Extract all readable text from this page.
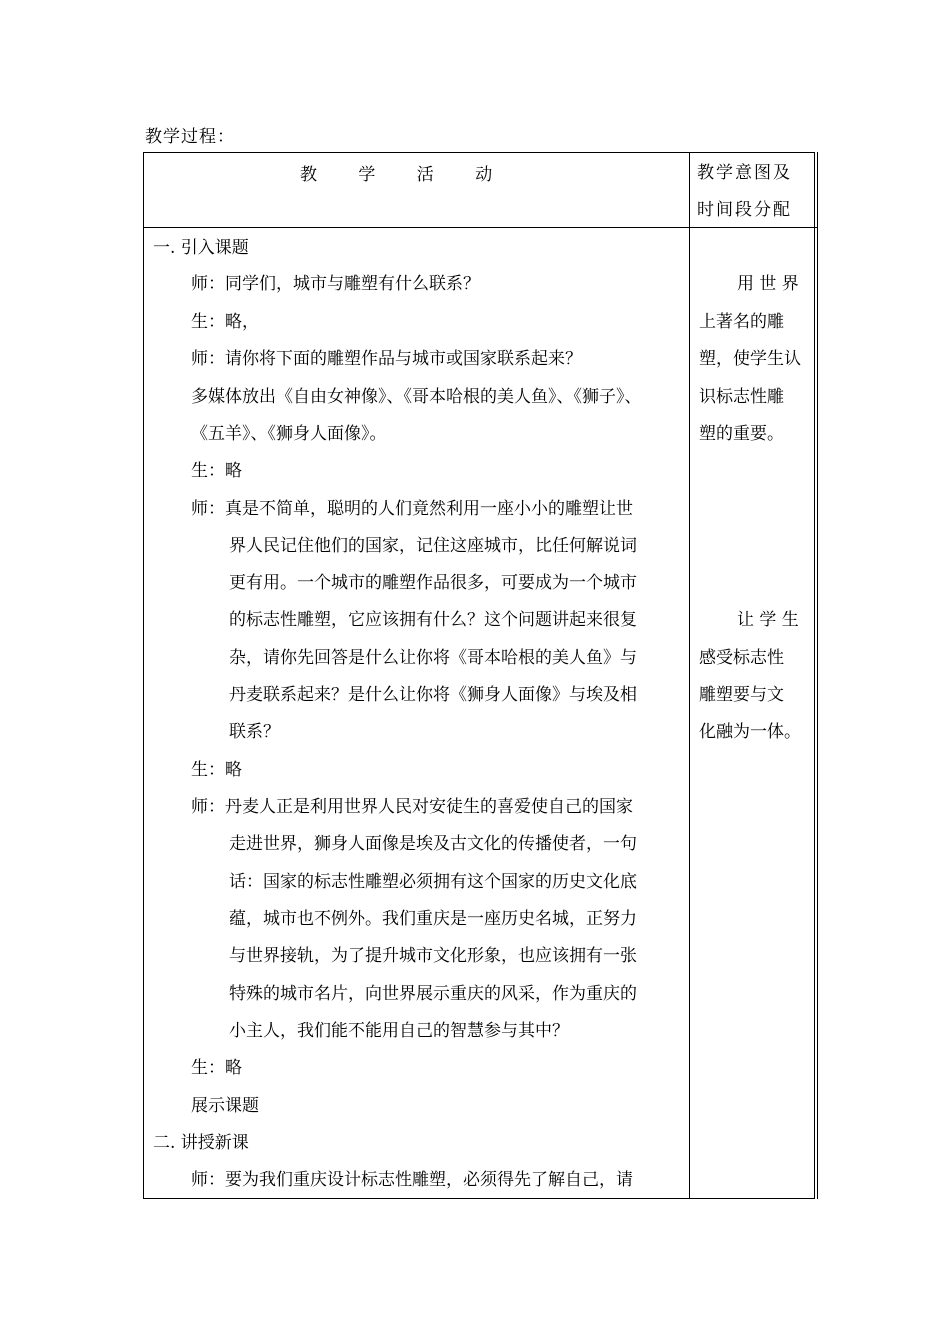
教学过程：
教 学 活 动	教学意图及
时间段分配
一. 引入课题
师：同学们，城市与雕塑有什么联系？
生：略，
师：请你将下面的雕塑作品与城市或国家联系起来？
多媒体放出《自由女神像》、《哥本哈根的美人鱼》、《狮子》、
《五羊》、《狮身人面像》。
生：略
师：真是不简单，聪明的人们竟然利用一座小小的雕塑让世
界人民记住他们的国家，记住这座城市，比任何解说词
更有用。一个城市的雕塑作品很多，可要成为一个城市
的标志性雕塑，它应该拥有什么？这个问题讲起来很复
杂，请你先回答是什么让你将《哥本哈根的美人鱼》与
丹麦联系起来？是什么让你将《狮身人面像》与埃及相
联系？
生：略
师：丹麦人正是利用世界人民对安徒生的喜爱使自己的国家
走进世界，狮身人面像是埃及古文化的传播使者，一句
话：国家的标志性雕塑必须拥有这个国家的历史文化底
蕴，城市也不例外。我们重庆是一座历史名城，正努力
与世界接轨，为了提升城市文化形象，也应该拥有一张
特殊的城市名片，向世界展示重庆的风采，作为重庆的
小主人，我们能不能用自己的智慧参与其中？
生：略
展示课题
二. 讲授新课
师：要为我们重庆设计标志性雕塑，必须得先了解自己，请
用 世 界
上著名的雕
塑，使学生认
识标志性雕
塑的重要。
让 学 生
感受标志性
雕塑要与文
化融为一体。
